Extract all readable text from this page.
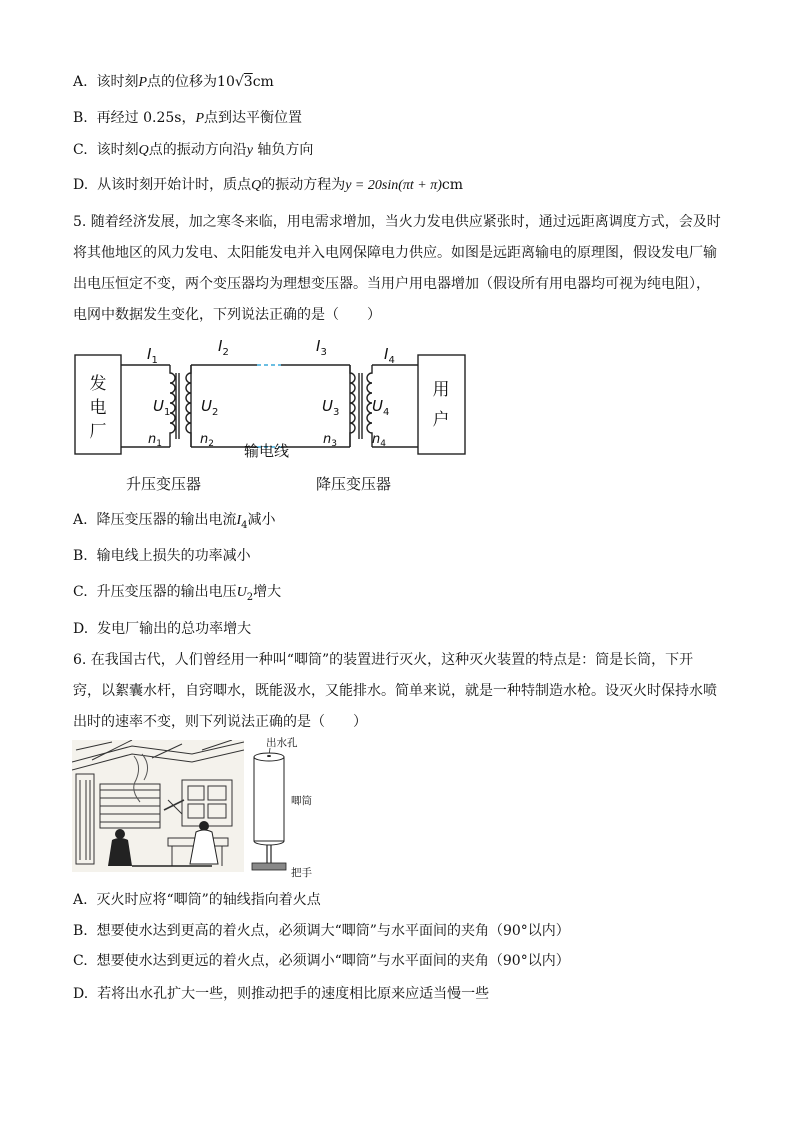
A. 该时刻P点的位移为10√3cm
B. 再经过 0.25s，P点到达平衡位置
C. 该时刻Q点的振动方向沿y 轴负方向
D. 从该时刻开始计时，质点Q的振动方程为y = 20sin(πt + π)cm
5. 随着经济发展，加之寒冬来临，用电需求增加，当火力发电供应紧张时，通过远距离调度方式，会及时将其他地区的风力发电、太阳能发电并入电网保障电力供应。如图是远距离输电的原理图，假设发电厂输出电压恒定不变，两个变压器均为理想变压器。当用户用电器增加（假设所有用电器均可视为纯电阻），电网中数据发生变化，下列说法正确的是（　　）
发
电
厂
用
户
$I_1$
$I_2$	$I_3$	$I_4$
$U_1$ $U_2$	$U_3$ $U_4$
$n_1$	$n_2$	$n_3$	$n_4$
输电线
升压变压器	降压变压器
A. 降压变压器的输出电流$I_4$减小
B. 输电线上损失的功率减小
C. 升压变压器的输出电压$U_2$增大
D. 发电厂输出的总功率增大
6. 在我国古代，人们曾经用一种叫“唧筒”的装置进行灭火，这种灭火装置的特点是：筒是长筒，下开窍，以絮囊水杆，自窍唧水，既能汲水，又能排水。简单来说，就是一种特制造水枪。设灭火时保持水喷出时的速率不变，则下列说法正确的是（　　）
出水孔
唧筒
把手
A. 灭火时应将“唧筒”的轴线指向着火点
B. 想要使水达到更高的着火点，必须调大“唧筒”与水平面间的夹角（90°以内）
C. 想要使水达到更远的着火点，必须调小“唧筒”与水平面间的夹角（90°以内）
D. 若将出水孔扩大一些，则推动把手的速度相比原来应适当慢一些
